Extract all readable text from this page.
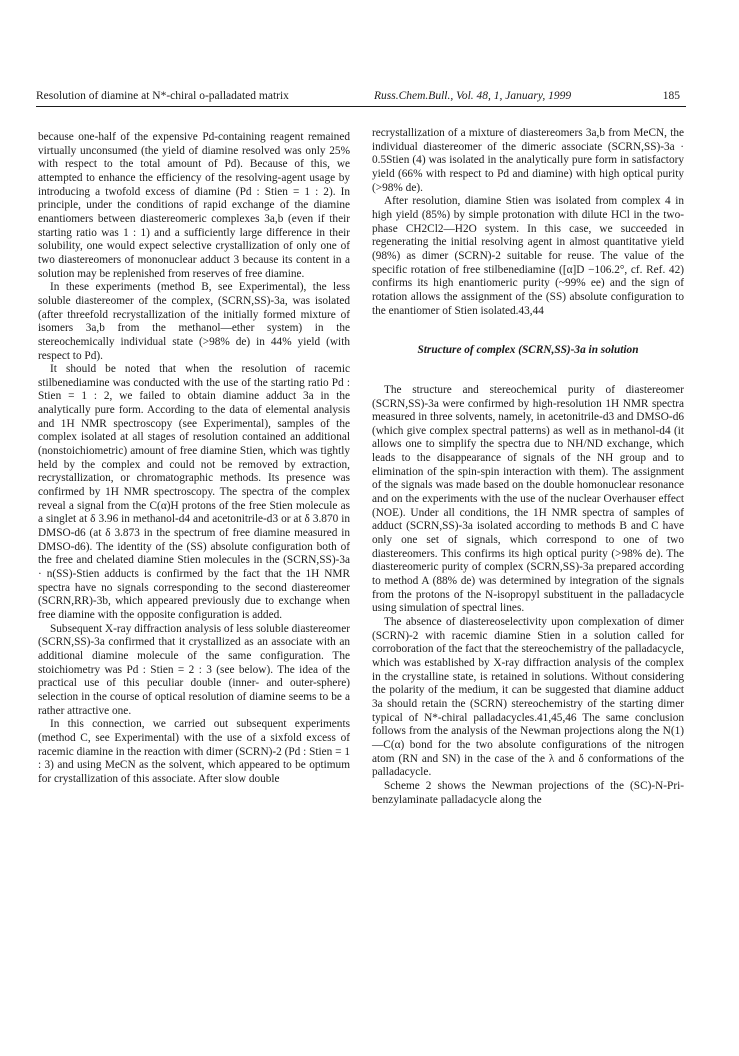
Resolution of diamine at N*-chiral o-palladated matrix	Russ.Chem.Bull., Vol. 48, 1, January, 1999	185

because one-half of the expensive Pd-containing reagent remained virtually unconsumed (the yield of diamine resolved was only 25% with respect to the total amount of Pd). Because of this, we attempted to enhance the efficiency of the resolving-agent usage by introducing a twofold excess of diamine (Pd : Stien = 1 : 2). In principle, under the conditions of rapid exchange of the diamine enantiomers between diastereomeric complexes 3a,b (even if their starting ratio was 1 : 1) and a sufficiently large difference in their solubility, one would expect selective crystallization of only one of two diastereomers of mononuclear adduct 3 because its content in a solution may be replenished from reserves of free diamine.

In these experiments (method B, see Experimental), the less soluble diastereomer of the complex, (SCRN,SS)-3a, was isolated (after threefold recrystallization of the initially formed mixture of isomers 3a,b from the methanol—ether system) in the stereochemically individual state (>98% de) in 44% yield (with respect to Pd).

It should be noted that when the resolution of racemic stilbenediamine was conducted with the use of the starting ratio Pd : Stien = 1 : 2, we failed to obtain diamine adduct 3a in the analytically pure form. According to the data of elemental analysis and 1H NMR spectroscopy (see Experimental), samples of the complex isolated at all stages of resolution contained an additional (nonstoichiometric) amount of free diamine Stien, which was tightly held by the complex and could not be removed by extraction, recrystallization, or chromatographic methods. Its presence was confirmed by 1H NMR spectroscopy. The spectra of the complex reveal a signal from the C(α)H protons of the free Stien molecule as a singlet at δ 3.96 in methanol-d4 and acetonitrile-d3 or at δ 3.870 in DMSO-d6 (at δ 3.873 in the spectrum of free diamine measured in DMSO-d6). The identity of the (SS) absolute configuration both of the free and chelated diamine Stien molecules in the (SCRN,SS)-3a · n(SS)-Stien adducts is confirmed by the fact that the 1H NMR spectra have no signals corresponding to the second diastereomer (SCRN,RR)-3b, which appeared previously due to exchange when free diamine with the opposite configuration is added.

Subsequent X-ray diffraction analysis of less soluble diastereomer (SCRN,SS)-3a confirmed that it crystallized as an associate with an additional diamine molecule of the same configuration. The stoichiometry was Pd : Stien = 2 : 3 (see below). The idea of the practical use of this peculiar double (inner- and outer-sphere) selection in the course of optical resolution of diamine seems to be a rather attractive one.

In this connection, we carried out subsequent experiments (method C, see Experimental) with the use of a sixfold excess of racemic diamine in the reaction with dimer (SCRN)-2 (Pd : Stien = 1 : 3) and using MeCN as the solvent, which appeared to be optimum for crystallization of this associate. After slow double

recrystallization of a mixture of diastereomers 3a,b from MeCN, the individual diastereomer of the dimeric associate (SCRN,SS)-3a · 0.5Stien (4) was isolated in the analytically pure form in satisfactory yield (66% with respect to Pd and diamine) with high optical purity (>98% de).

After resolution, diamine Stien was isolated from complex 4 in high yield (85%) by simple protonation with dilute HCl in the two-phase CH2Cl2—H2O system. In this case, we succeeded in regenerating the initial resolving agent in almost quantitative yield (98%) as dimer (SCRN)-2 suitable for reuse. The value of the specific rotation of free stilbenediamine ([α]D −106.2°, cf. Ref. 42) confirms its high enantiomeric purity (~99% ee) and the sign of rotation allows the assignment of the (SS) absolute configuration to the enantiomer of Stien isolated.43,44

Structure of complex (SCRN,SS)-3a in solution

The structure and stereochemical purity of diastereomer (SCRN,SS)-3a were confirmed by high-resolution 1H NMR spectra measured in three solvents, namely, in acetonitrile-d3 and DMSO-d6 (which give complex spectral patterns) as well as in methanol-d4 (it allows one to simplify the spectra due to NH/ND exchange, which leads to the disappearance of signals of the NH group and to elimination of the spin-spin interaction with them). The assignment of the signals was made based on the double homonuclear resonance and on the experiments with the use of the nuclear Overhauser effect (NOE). Under all conditions, the 1H NMR spectra of samples of adduct (SCRN,SS)-3a isolated according to methods B and C have only one set of signals, which correspond to one of two diastereomers. This confirms its high optical purity (>98% de). The diastereomeric purity of complex (SCRN,SS)-3a prepared according to method A (88% de) was determined by integration of the signals from the protons of the N-isopropyl substituent in the palladacycle using simulation of spectral lines.

The absence of diastereoselectivity upon complexation of dimer (SCRN)-2 with racemic diamine Stien in a solution called for corroboration of the fact that the stereochemistry of the palladacycle, which was established by X-ray diffraction analysis of the complex in the crystalline state, is retained in solutions. Without considering the polarity of the medium, it can be suggested that diamine adduct 3a should retain the (SCRN) stereochemistry of the starting dimer typical of N*-chiral palladacycles.41,45,46 The same conclusion follows from the analysis of the Newman projections along the N(1)—C(α) bond for the two absolute configurations of the nitrogen atom (RN and SN) in the case of the λ and δ conformations of the palladacycle.

Scheme 2 shows the Newman projections of the (SC)-N-Pri-benzylaminate palladacycle along the
